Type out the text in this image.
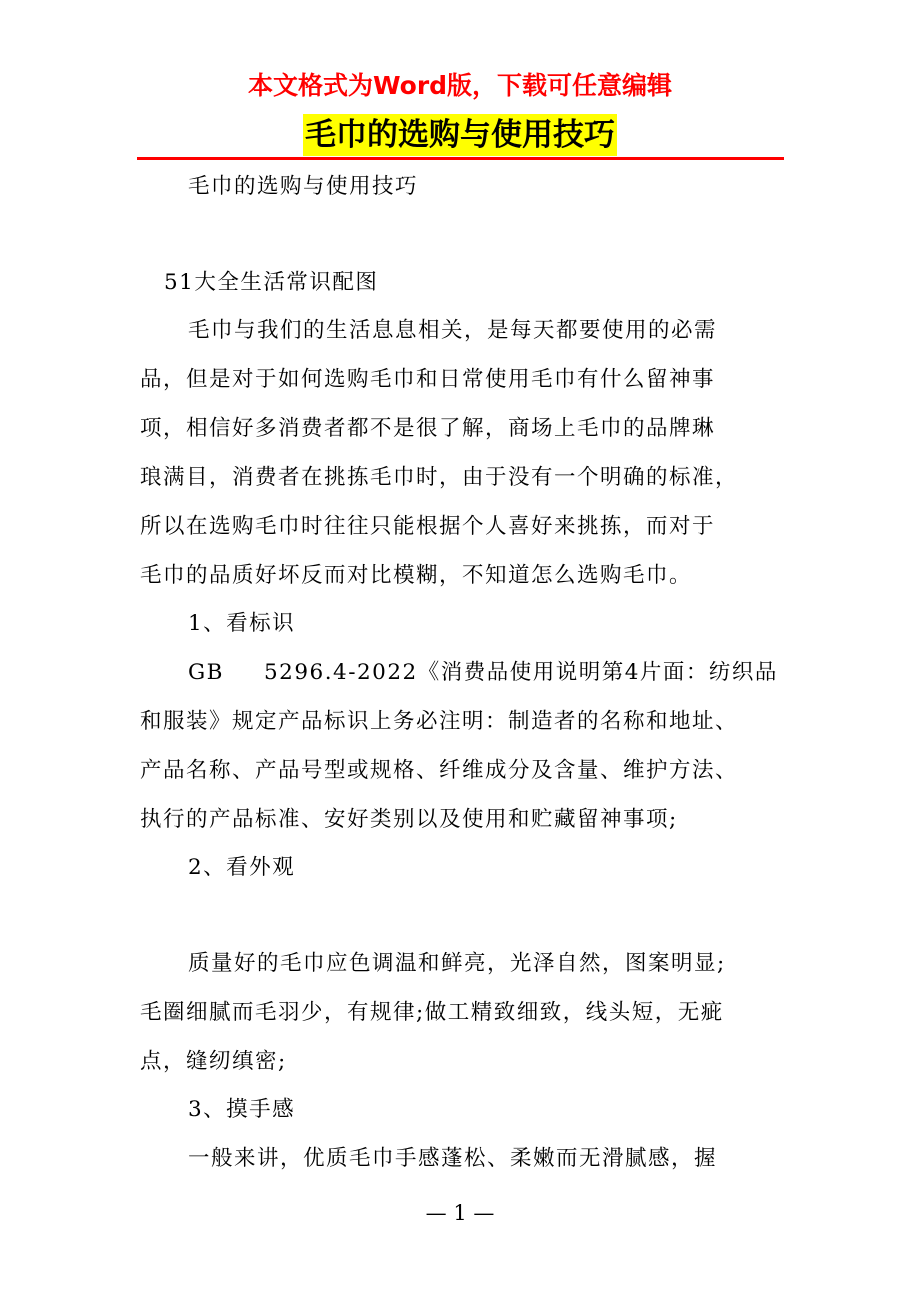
本文格式为Word版，下载可任意编辑
毛巾的选购与使用技巧
毛巾的选购与使用技巧
51大全生活常识配图
毛巾与我们的生活息息相关，是每天都要使用的必需
品，但是对于如何选购毛巾和日常使用毛巾有什么留神事
项，相信好多消费者都不是很了解，商场上毛巾的品牌琳
琅满目，消费者在挑拣毛巾时，由于没有一个明确的标准，
所以在选购毛巾时往往只能根据个人喜好来挑拣，而对于
毛巾的品质好坏反而对比模糊，不知道怎么选购毛巾。
1、看标识
GB 5296.4-2022《消费品使用说明第4片面：纺织品
和服装》规定产品标识上务必注明：制造者的名称和地址、
产品名称、产品号型或规格、纤维成分及含量、维护方法、
执行的产品标准、安好类别以及使用和贮藏留神事项;
2、看外观
质量好的毛巾应色调温和鲜亮，光泽自然，图案明显;
毛圈细腻而毛羽少，有规律;做工精致细致，线头短，无疵
点，缝纫缜密;
3、摸手感
一般来讲，优质毛巾手感蓬松、柔嫩而无滑腻感，握
— 1 —
